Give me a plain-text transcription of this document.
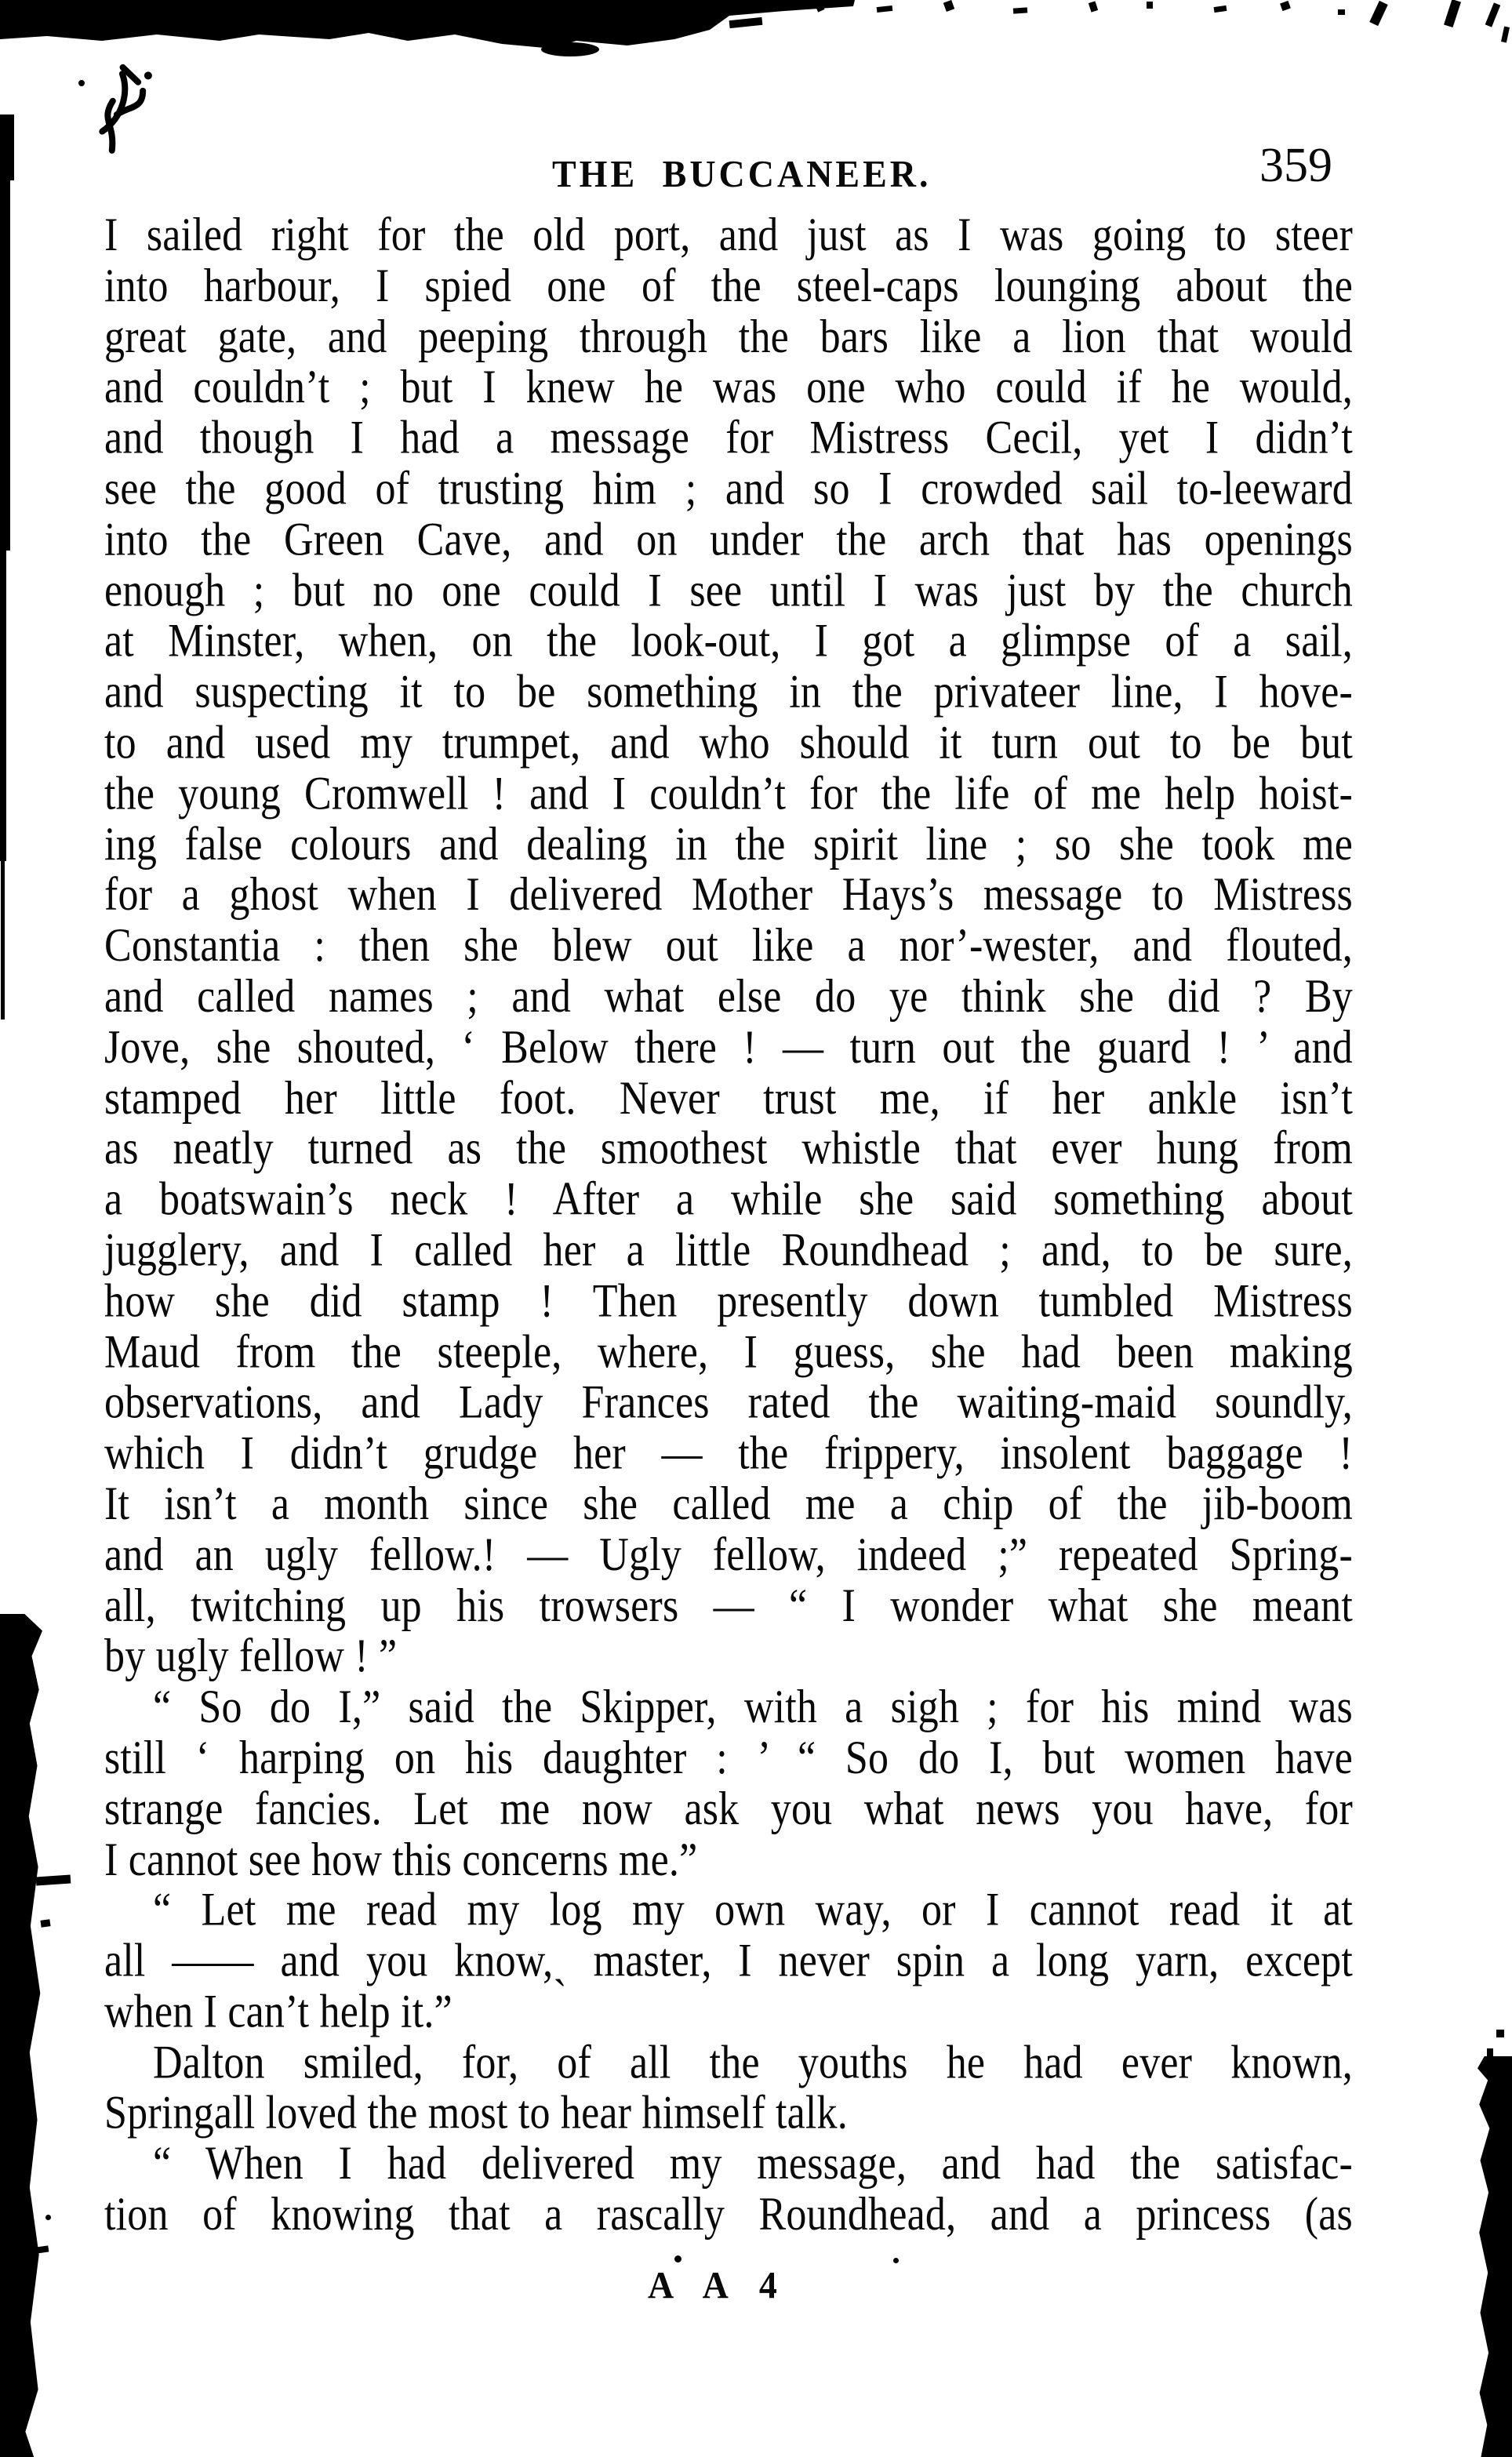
THE BUCCANEER.	359
I sailed right for the old port, and just as I was going to steer
into harbour, I spied one of the steel-caps lounging about the
great gate, and peeping through the bars like a lion that would
and couldn’t ; but I knew he was one who could if he would,
and though I had a message for Mistress Cecil, yet I didn’t
see the good of trusting him ; and so I crowded sail to-leeward
into the Green Cave, and on under the arch that has openings
enough ; but no one could I see until I was just by the church
at Minster, when, on the look-out, I got a glimpse of a sail,
and suspecting it to be something in the privateer line, I hove-
to and used my trumpet, and who should it turn out to be but
the young Cromwell ! and I couldn’t for the life of me help hoist-
ing false colours and dealing in the spirit line ; so she took me
for a ghost when I delivered Mother Hays’s message to Mistress
Constantia : then she blew out like a nor’-wester, and flouted,
and called names ; and what else do ye think she did ? By
Jove, she shouted, ‘ Below there ! — turn out the guard ! ’ and
stamped her little foot. Never trust me, if her ankle isn’t
as neatly turned as the smoothest whistle that ever hung from
a boatswain’s neck ! After a while she said something about
jugglery, and I called her a little Roundhead ; and, to be sure,
how she did stamp ! Then presently down tumbled Mistress
Maud from the steeple, where, I guess, she had been making
observations, and Lady Frances rated the waiting-maid soundly,
which I didn’t grudge her — the frippery, insolent baggage !
It isn’t a month since she called me a chip of the jib-boom
and an ugly fellow.! — Ugly fellow, indeed ;” repeated Spring-
all, twitching up his trowsers — “ I wonder what she meant
by ugly fellow ! ”
“ So do I,” said the Skipper, with a sigh ; for his mind was
still ‘ harping on his daughter : ’ “ So do I, but women have
strange fancies. Let me now ask you what news you have, for
I cannot see how this concerns me.”
“ Let me read my log my own way, or I cannot read it at
all —— and you know,ˏ master, I never spin a long yarn, except
when I can’t help it.”
Dalton smiled, for, of all the youths he had ever known,
Springall loved the most to hear himself talk.
“ When I had delivered my message, and had the satisfac-
tion of knowing that a rascally Roundhead, and a princess (as
A A 4
